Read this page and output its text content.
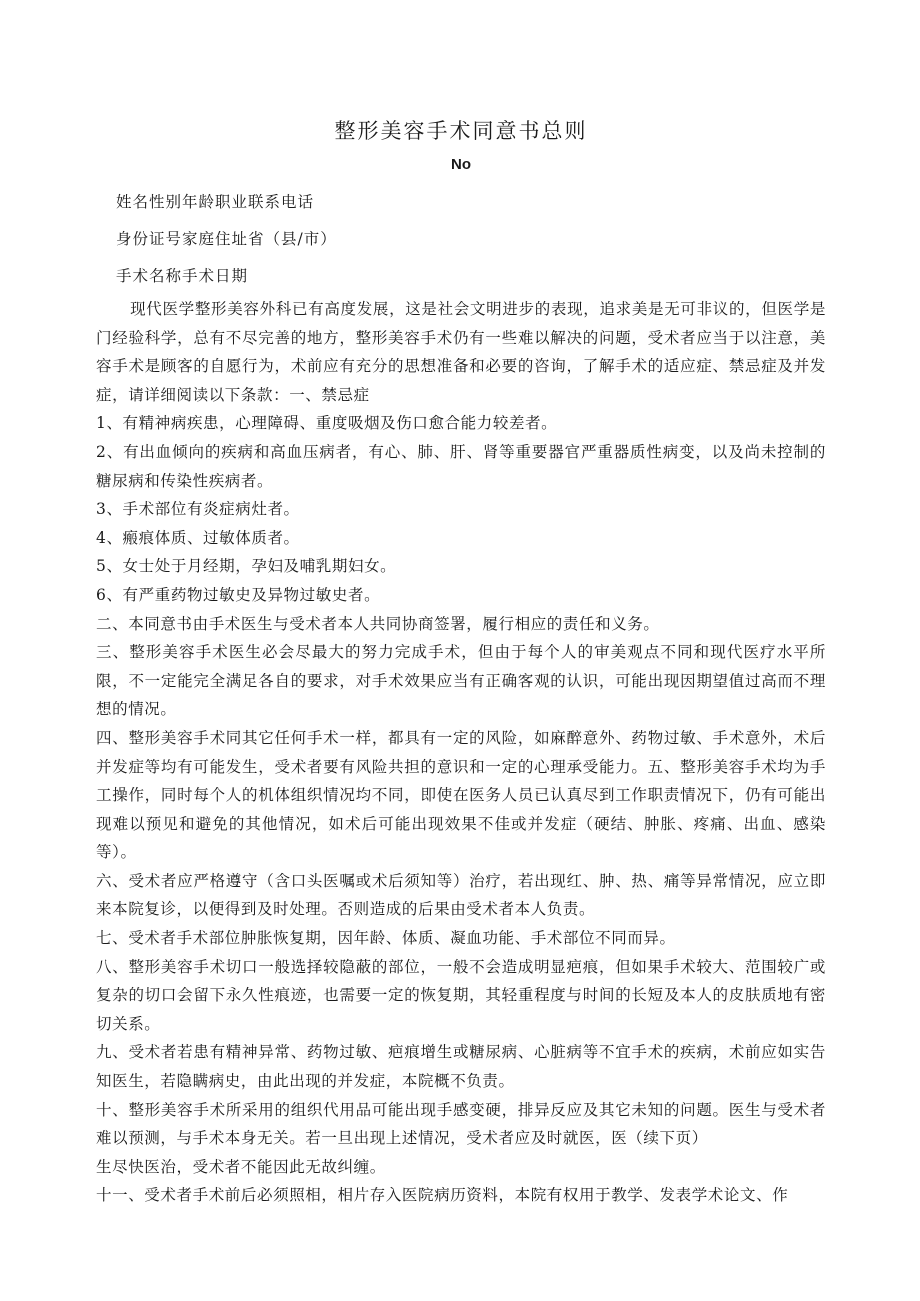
整形美容手术同意书总则
No
姓名性别年龄职业联系电话
身份证号家庭住址省（县/市）
手术名称手术日期

现代医学整形美容外科已有高度发展，这是社会文明进步的表现，追求美是无可非议的，但医学是门经验科学，总有不尽完善的地方，整形美容手术仍有一些难以解决的问题，受术者应当于以注意，美容手术是顾客的自愿行为，术前应有充分的思想准备和必要的咨询，了解手术的适应症、禁忌症及并发症，请详细阅读以下条款：一、禁忌症

1、有精神病疾患，心理障碍、重度吸烟及伤口愈合能力较差者。

2、有出血倾向的疾病和高血压病者，有心、肺、肝、肾等重要器官严重器质性病变，以及尚未控制的糖尿病和传染性疾病者。

3、手术部位有炎症病灶者。

4、瘢痕体质、过敏体质者。

5、女士处于月经期，孕妇及哺乳期妇女。

6、有严重药物过敏史及异物过敏史者。

二、本同意书由手术医生与受术者本人共同协商签署，履行相应的责任和义务。

三、整形美容手术医生必会尽最大的努力完成手术，但由于每个人的审美观点不同和现代医疗水平所限，不一定能完全满足各自的要求，对手术效果应当有正确客观的认识，可能出现因期望值过高而不理想的情况。

四、整形美容手术同其它任何手术一样，都具有一定的风险，如麻醉意外、药物过敏、手术意外，术后并发症等均有可能发生，受术者要有风险共担的意识和一定的心理承受能力。五、整形美容手术均为手工操作，同时每个人的机体组织情况均不同，即使在医务人员已认真尽到工作职责情况下，仍有可能出现难以预见和避免的其他情况，如术后可能出现效果不佳或并发症（硬结、肿胀、疼痛、出血、感染等）。

六、受术者应严格遵守（含口头医嘱或术后须知等）治疗，若出现红、肿、热、痛等异常情况，应立即来本院复诊，以便得到及时处理。否则造成的后果由受术者本人负责。

七、受术者手术部位肿胀恢复期，因年龄、体质、凝血功能、手术部位不同而异。

八、整形美容手术切口一般选择较隐蔽的部位，一般不会造成明显疤痕，但如果手术较大、范围较广或复杂的切口会留下永久性痕迹，也需要一定的恢复期，其轻重程度与时间的长短及本人的皮肤质地有密切关系。

九、受术者若患有精神异常、药物过敏、疤痕增生或糖尿病、心脏病等不宜手术的疾病，术前应如实告知医生，若隐瞒病史，由此出现的并发症，本院概不负责。

十、整形美容手术所采用的组织代用品可能出现手感变硬，排异反应及其它未知的问题。医生与受术者难以预测，与手术本身无关。若一旦出现上述情况，受术者应及时就医，医（续下页）

生尽快医治，受术者不能因此无故纠缠。

十一、受术者手术前后必须照相，相片存入医院病历资料，本院有权用于教学、发表学术论文、作
